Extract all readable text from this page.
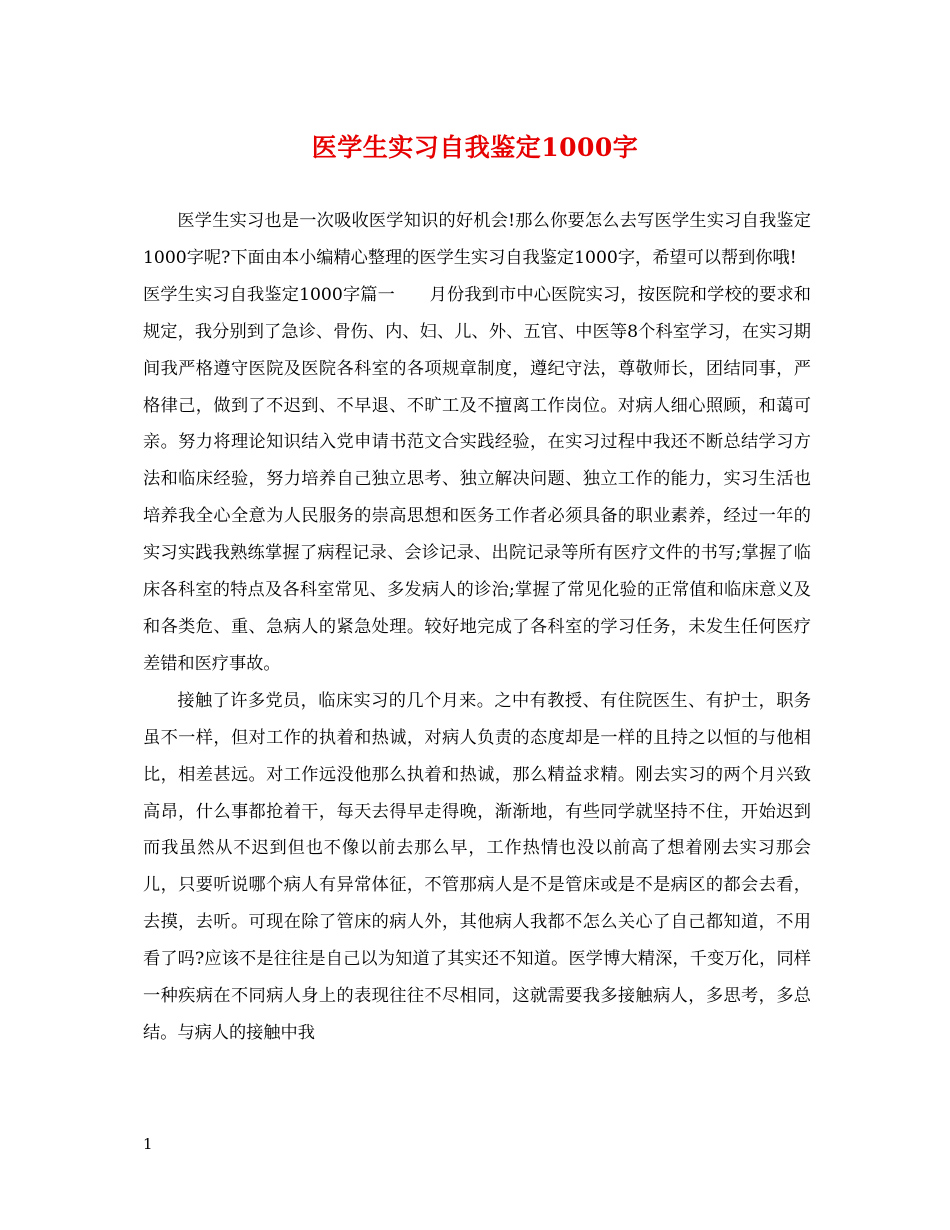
医学生实习自我鉴定1000字

医学生实习也是一次吸收医学知识的好机会!那么你要怎么去写医学生实习自我鉴定1000字呢?下面由本小编精心整理的医学生实习自我鉴定1000字，希望可以帮到你哦!

医学生实习自我鉴定1000字篇一　　月份我到市中心医院实习，按医院和学校的要求和规定，我分别到了急诊、骨伤、内、妇、儿、外、五官、中医等8个科室学习，在实习期间我严格遵守医院及医院各科室的各项规章制度，遵纪守法，尊敬师长，团结同事，严格律己，做到了不迟到、不早退、不旷工及不擅离工作岗位。对病人细心照顾，和蔼可亲。努力将理论知识结入党申请书范文合实践经验，在实习过程中我还不断总结学习方法和临床经验，努力培养自己独立思考、独立解决问题、独立工作的能力，实习生活也培养我全心全意为人民服务的崇高思想和医务工作者必须具备的职业素养，经过一年的实习实践我熟练掌握了病程记录、会诊记录、出院记录等所有医疗文件的书写;掌握了临床各科室的特点及各科室常见、多发病人的诊治;掌握了常见化验的正常值和临床意义及和各类危、重、急病人的紧急处理。较好地完成了各科室的学习任务，未发生任何医疗差错和医疗事故。

接触了许多党员，临床实习的几个月来。之中有教授、有住院医生、有护士，职务虽不一样，但对工作的执着和热诚，对病人负责的态度却是一样的且持之以恒的与他相比，相差甚远。对工作远没他那么执着和热诚，那么精益求精。刚去实习的两个月兴致高昂，什么事都抢着干，每天去得早走得晚，渐渐地，有些同学就坚持不住，开始迟到而我虽然从不迟到但也不像以前去那么早，工作热情也没以前高了想着刚去实习那会儿，只要听说哪个病人有异常体征，不管那病人是不是管床或是不是病区的都会去看，去摸，去听。可现在除了管床的病人外，其他病人我都不怎么关心了自己都知道，不用看了吗?应该不是往往是自己以为知道了其实还不知道。医学博大精深，千变万化，同样一种疾病在不同病人身上的表现往往不尽相同，这就需要我多接触病人，多思考，多总结。与病人的接触中我

1
